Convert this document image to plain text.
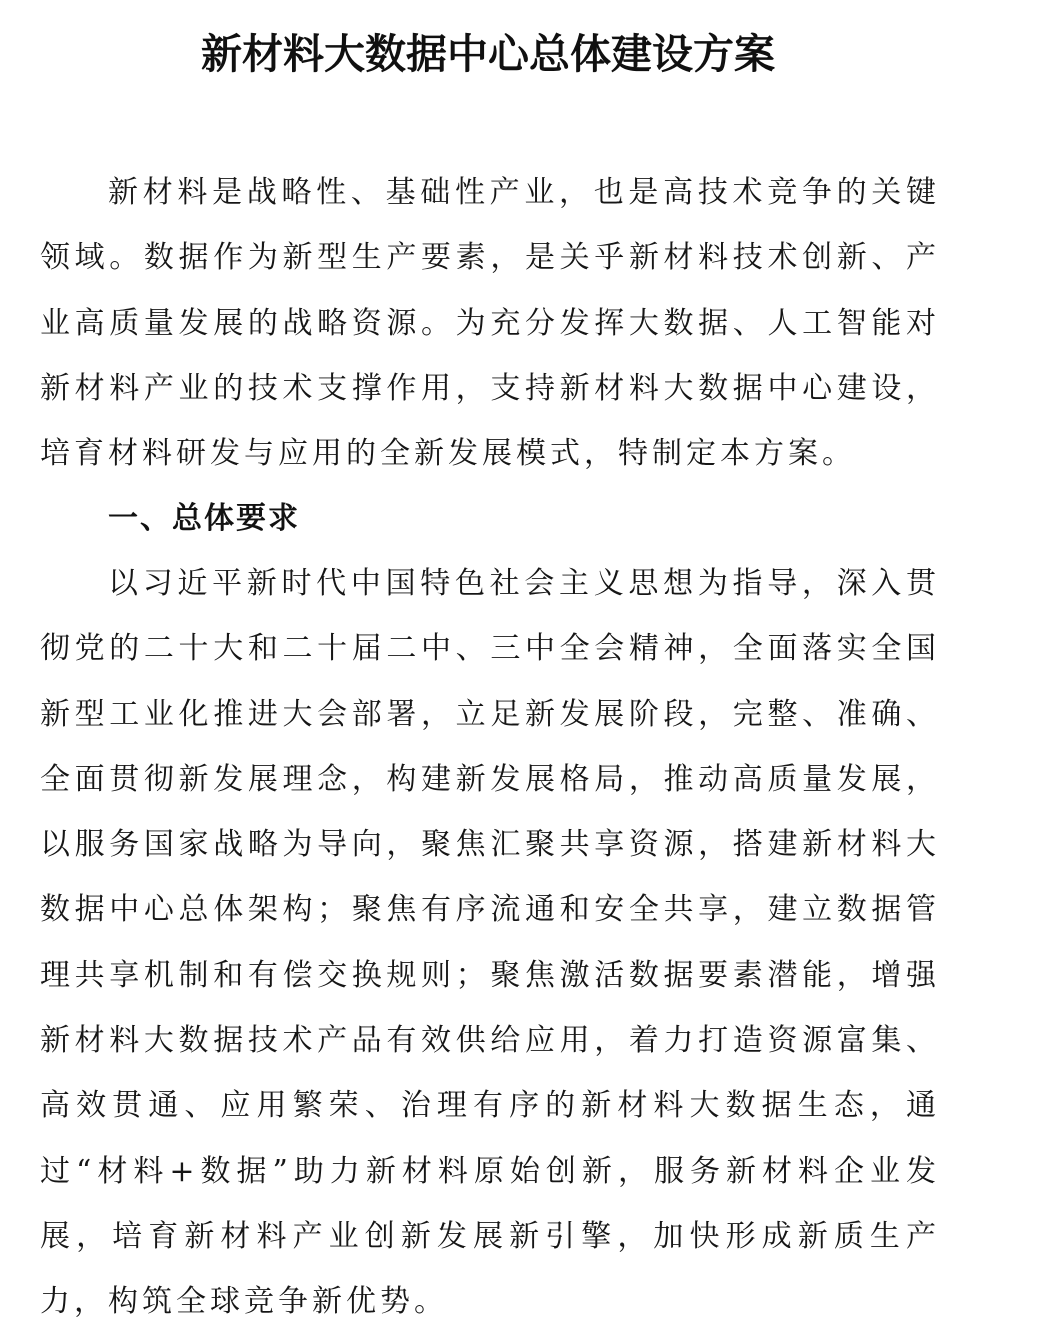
新材料大数据中心总体建设方案

新材料是战略性、基础性产业，也是高技术竞争的关键领域。数据作为新型生产要素，是关乎新材料技术创新、产业高质量发展的战略资源。为充分发挥大数据、人工智能对新材料产业的技术支撑作用，支持新材料大数据中心建设，培育材料研发与应用的全新发展模式，特制定本方案。

一、总体要求

以习近平新时代中国特色社会主义思想为指导，深入贯彻党的二十大和二十届二中、三中全会精神，全面落实全国新型工业化推进大会部署，立足新发展阶段，完整、准确、全面贯彻新发展理念，构建新发展格局，推动高质量发展，以服务国家战略为导向，聚焦汇聚共享资源，搭建新材料大数据中心总体架构；聚焦有序流通和安全共享，建立数据管理共享机制和有偿交换规则；聚焦激活数据要素潜能，增强新材料大数据技术产品有效供给应用，着力打造资源富集、高效贯通、应用繁荣、治理有序的新材料大数据生态，通过“材料+数据”助力新材料原始创新，服务新材料企业发展，培育新材料产业创新发展新引擎，加快形成新质生产力，构筑全球竞争新优势。
